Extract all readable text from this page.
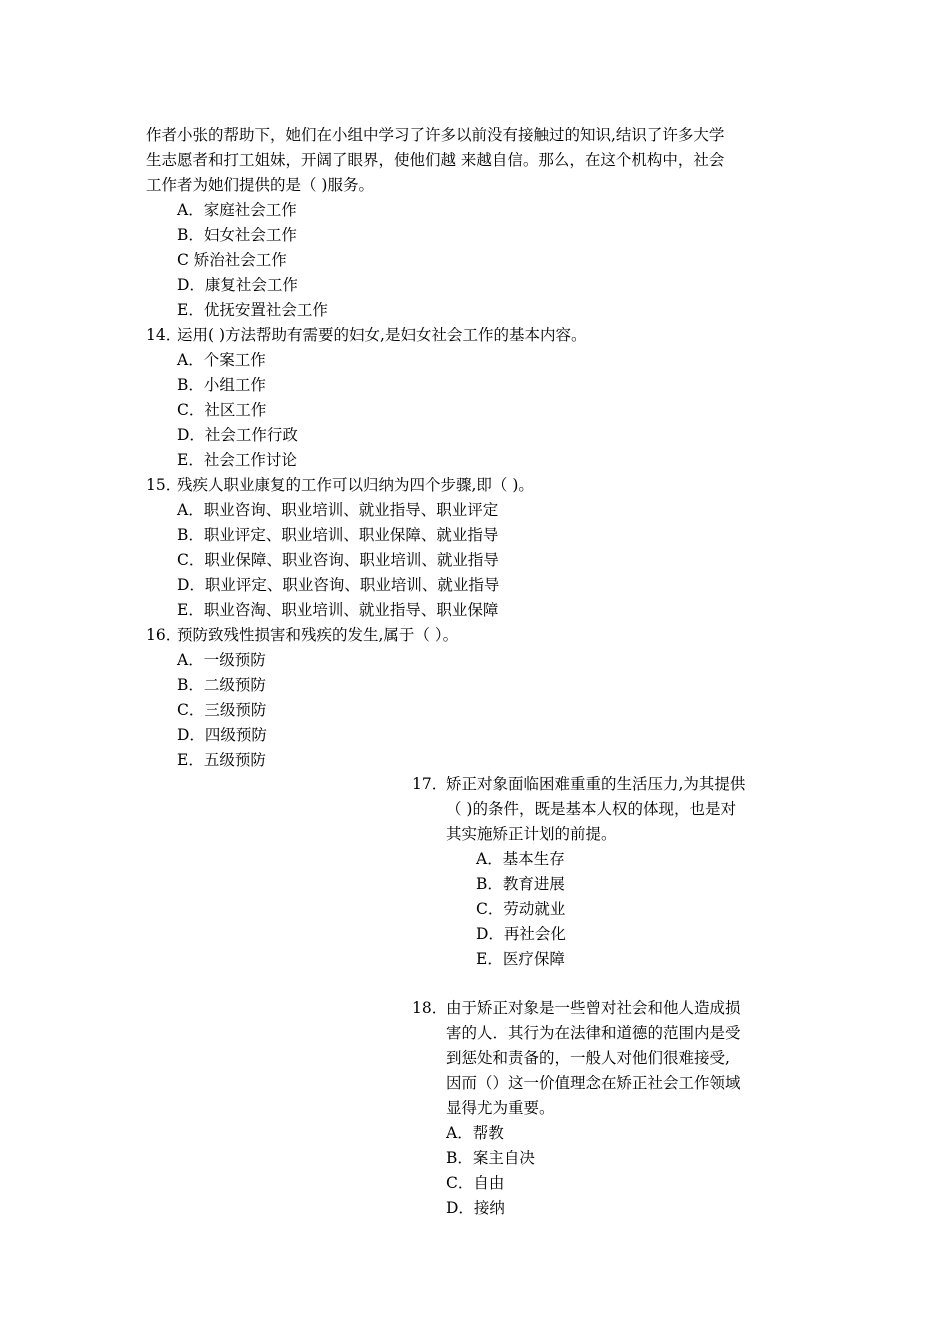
作者小张的帮助下，她们在小组中学习了许多以前没有接触过的知识,结识了许多大学
生志愿者和打工姐妹，开阔了眼界，使他们越 来越自信。那么，在这个机构中，社会
工作者为她们提供的是（ )服务。
A．家庭社会工作
B．妇女社会工作
C 矫治社会工作
D．康复社会工作
E．优抚安置社会工作
14．运用( )方法帮助有需要的妇女,是妇女社会工作的基本内容。
A．个案工作
B．小组工作
C．社区工作
D．社会工作行政
E．社会工作讨论
15．残疾人职业康复的工作可以归纳为四个步骤,即（ )。
A．职业咨询、职业培训、就业指导、职业评定
B．职业评定、职业培训、职业保障、就业指导
C．职业保障、职业咨询、职业培训、就业指导
D．职业评定、职业咨询、职业培训、就业指导
E．职业咨淘、职业培训、就业指导、职业保障
16．预防致残性损害和残疾的发生,属于（ ）。
A．一级预防
B．二级预防
C．三级预防
D．四级预防
E．五级预防
17．矫正对象面临困难重重的生活压力,为其提供
（ )的条件，既是基本人权的体现，也是对
其实施矫正计划的前提。
A．基本生存
B．教育进展
C．劳动就业
D．再社会化
E．医疗保障
18．由于矫正对象是一些曾对社会和他人造成损
害的人．其行为在法律和道德的范围内是受
到惩处和责备的，一般人对他们很难接受,
因而（）这一价值理念在矫正社会工作领域
显得尤为重要。
A．帮教
B．案主自决
C．自由
D．接纳
